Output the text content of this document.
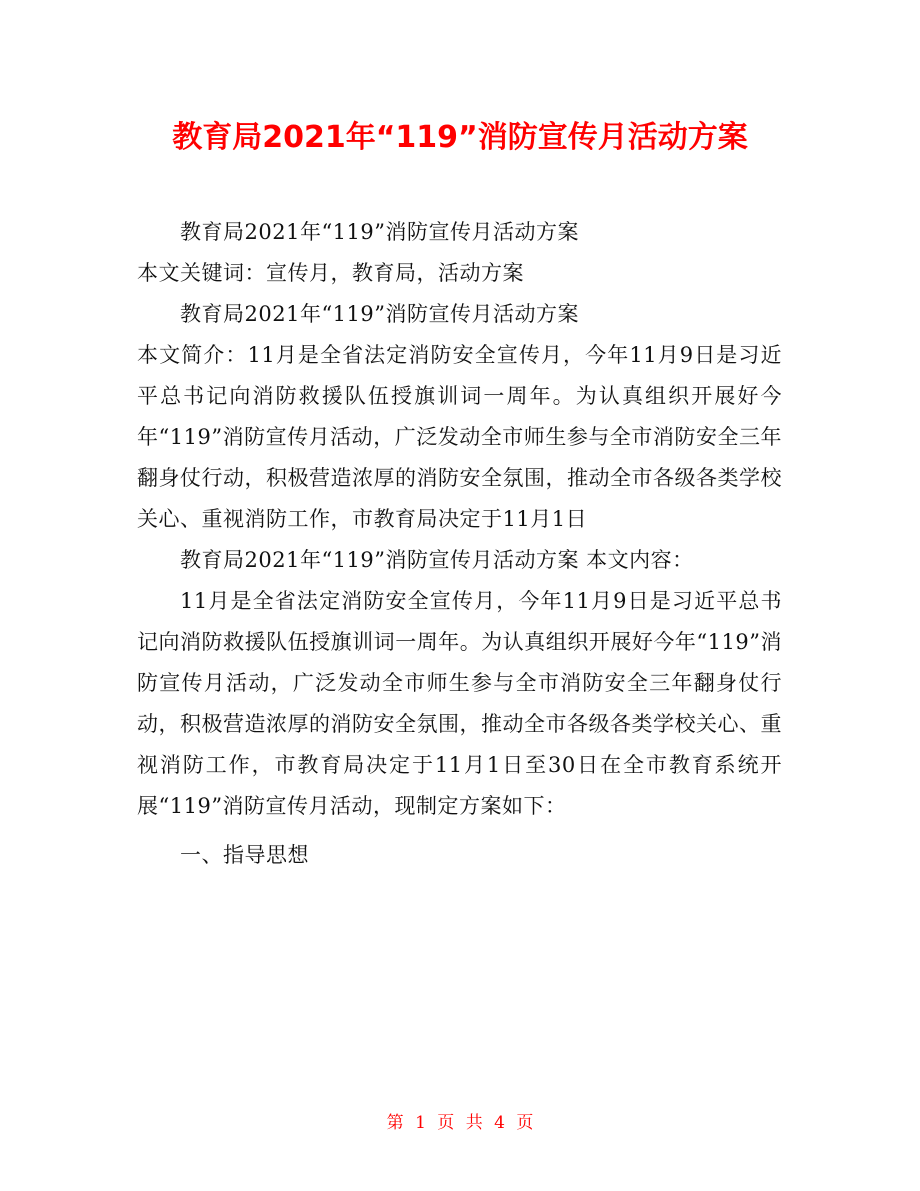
教育局2021年“119”消防宣传月活动方案

教育局2021年“119”消防宣传月活动方案

本文关键词：宣传月，教育局，活动方案

教育局2021年“119”消防宣传月活动方案

本文简介：11月是全省法定消防安全宣传月，今年11月9日是习近平总书记向消防救援队伍授旗训词一周年。为认真组织开展好今年“119”消防宣传月活动，广泛发动全市师生参与全市消防安全三年翻身仗行动，积极营造浓厚的消防安全氛围，推动全市各级各类学校关心、重视消防工作，市教育局决定于11月1日

教育局2021年“119”消防宣传月活动方案 本文内容：

11月是全省法定消防安全宣传月，今年11月9日是习近平总书记向消防救援队伍授旗训词一周年。为认真组织开展好今年“119”消防宣传月活动，广泛发动全市师生参与全市消防安全三年翻身仗行动，积极营造浓厚的消防安全氛围，推动全市各级各类学校关心、重视消防工作，市教育局决定于11月1日至30日在全市教育系统开展“119”消防宣传月活动，现制定方案如下：

一、指导思想

第 1 页 共 4 页
